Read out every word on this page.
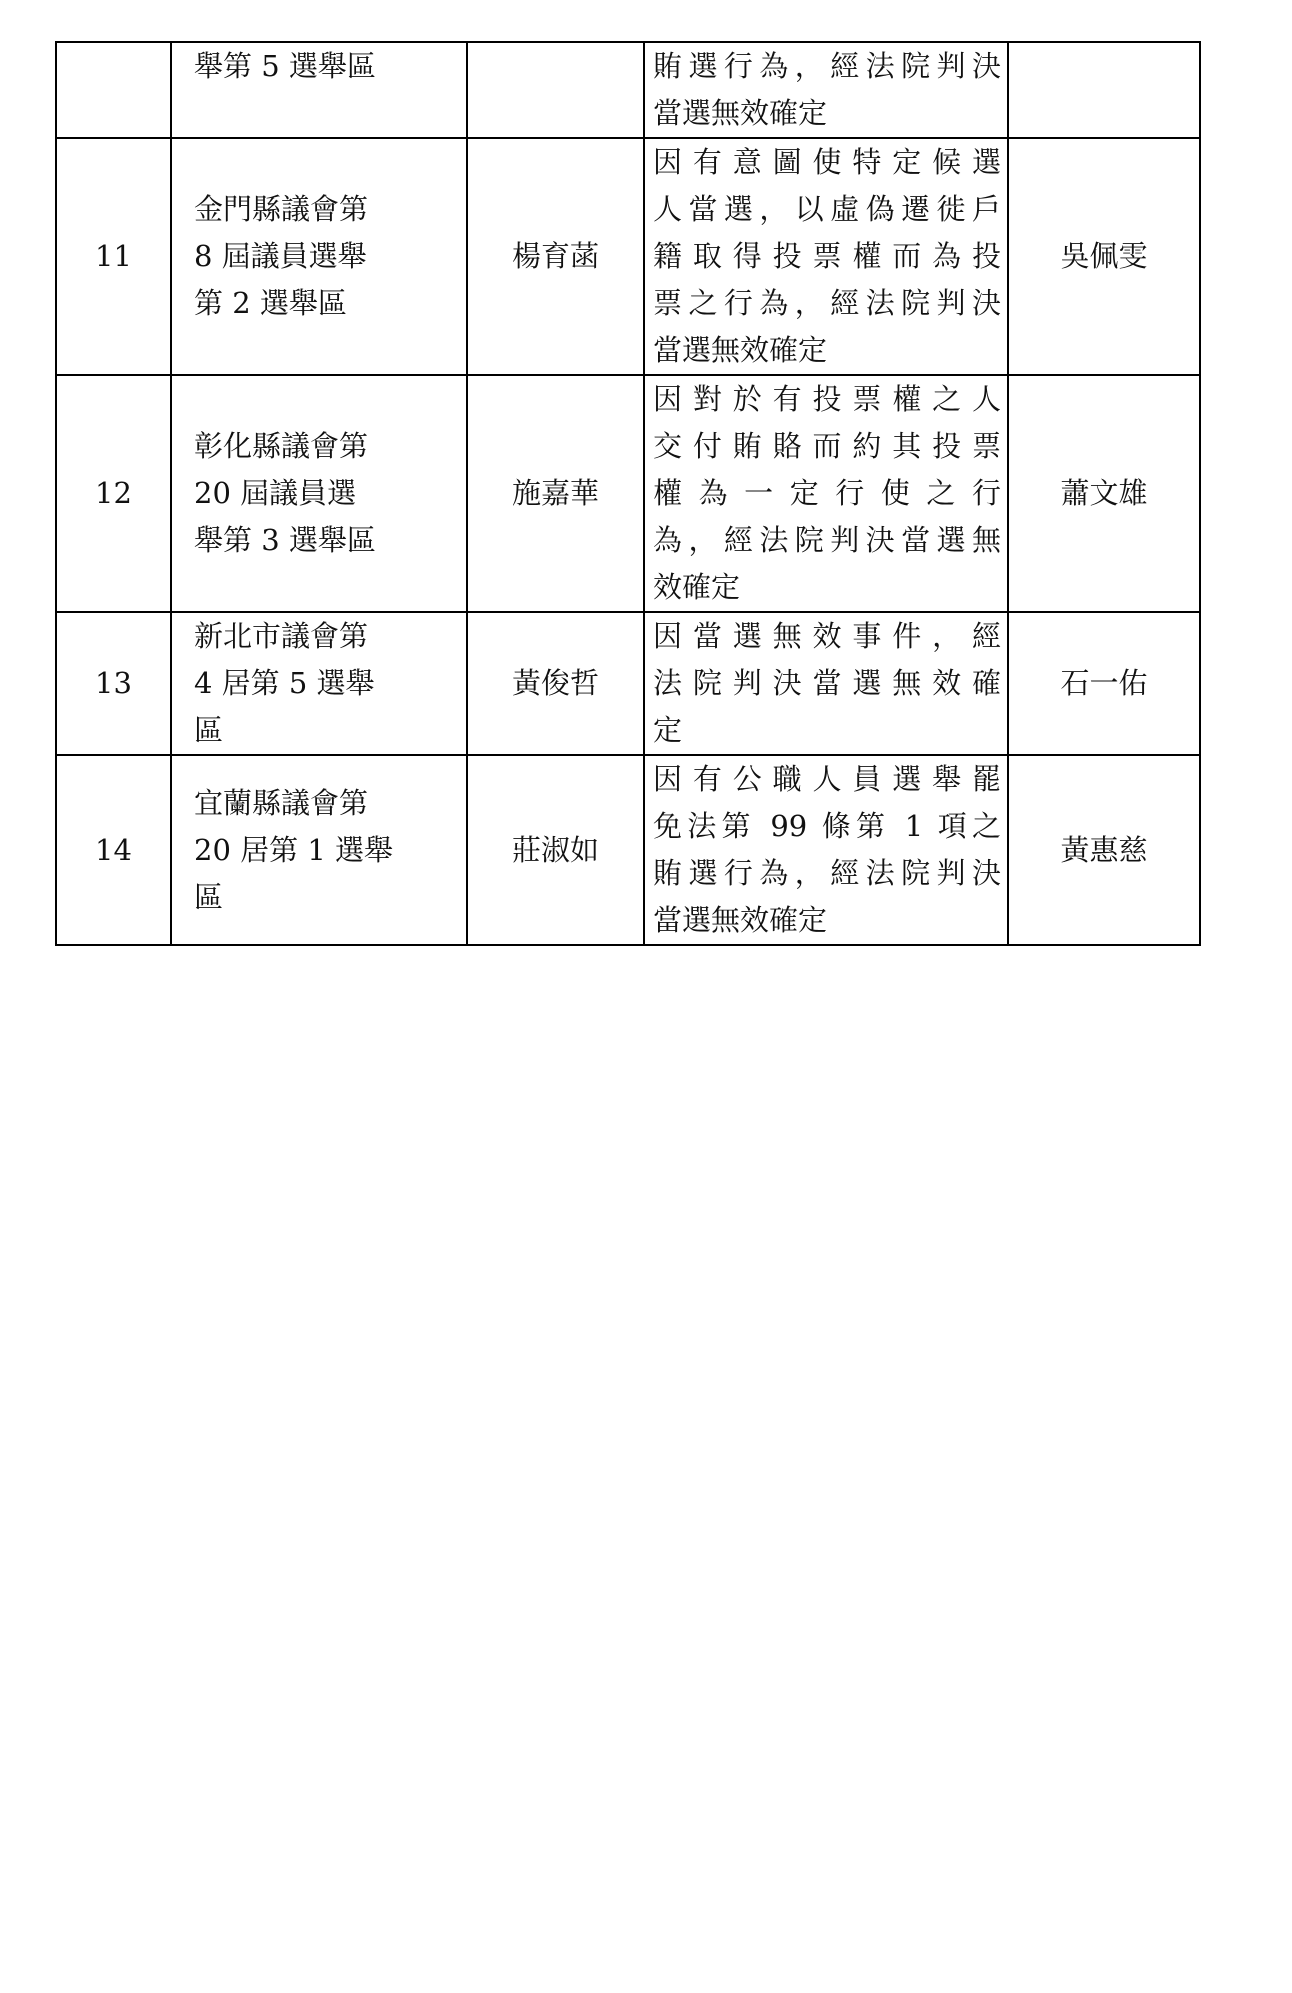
	舉第 5 選舉區		賄選行為，經法院判決
當選無效確定	

11	金門縣議會第
8 屆議員選舉
第 2 選舉區	楊育菡	因有意圖使特定候選
人當選，以虛偽遷徙戶
籍取得投票權而為投
票之行為，經法院判決
當選無效確定	吳佩雯
12	彰化縣議會第
20 屆議員選
舉第 3 選舉區	施嘉華	因對於有投票權之人
交付賄賂而約其投票
權為一定行使之行
為，經法院判決當選無
效確定	蕭文雄
13	新北市議會第
4 居第 5 選舉
區	黃俊哲	因當選無效事件，經
法院判決當選無效確
定	石一佑
14	宜蘭縣議會第
20 居第 1 選舉
區	莊淑如	因有公職人員選舉罷
免法第 99 條第 1 項之
賄選行為，經法院判決
當選無效確定	黃惠慈
